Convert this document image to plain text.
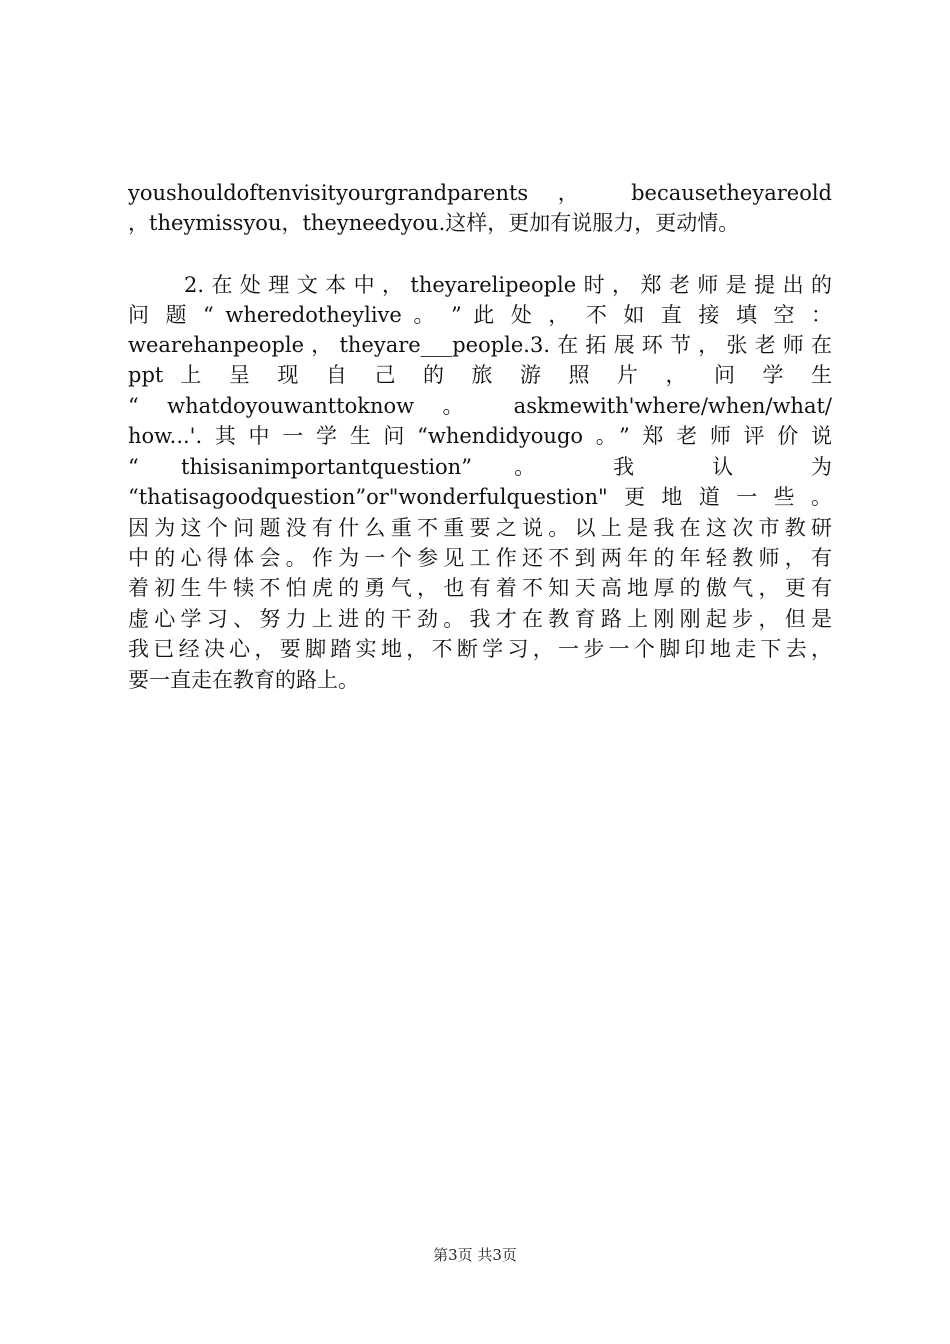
youshouldoftenvisityourgrandparents ， becausetheyareold
，theymissyou，theyneedyou.这样，更加有说服力，更动情。
2.在处理文本中，theyarelipeople时，郑老师是提出的
问 题 “ wheredotheylive 。 ” 此 处 ， 不 如 直 接 填 空 ：
wearehanpeople，theyare___people.3.在拓展环节，张老师在
ppt 上 呈 现 自 己 的 旅 游 照 片 ， 问 学 生
“ whatdoyouwanttoknow 。 askmewith'where/when/what/
how...'.其中一学生问“whendidyougo。”郑老师评价说
“ thisisanimportantquestion” 。 我 认 为
“thatisagoodquestion”or"wonderfulquestion"更地道一些。
因为这个问题没有什么重不重要之说。以上是我在这次市教研
中的心得体会。作为一个参见工作还不到两年的年轻教师，有
着初生牛犊不怕虎的勇气，也有着不知天高地厚的傲气，更有
虚心学习、努力上进的干劲。我才在教育路上刚刚起步，但是
我已经决心，要脚踏实地，不断学习，一步一个脚印地走下去，
要一直走在教育的路上。
第3页 共3页
